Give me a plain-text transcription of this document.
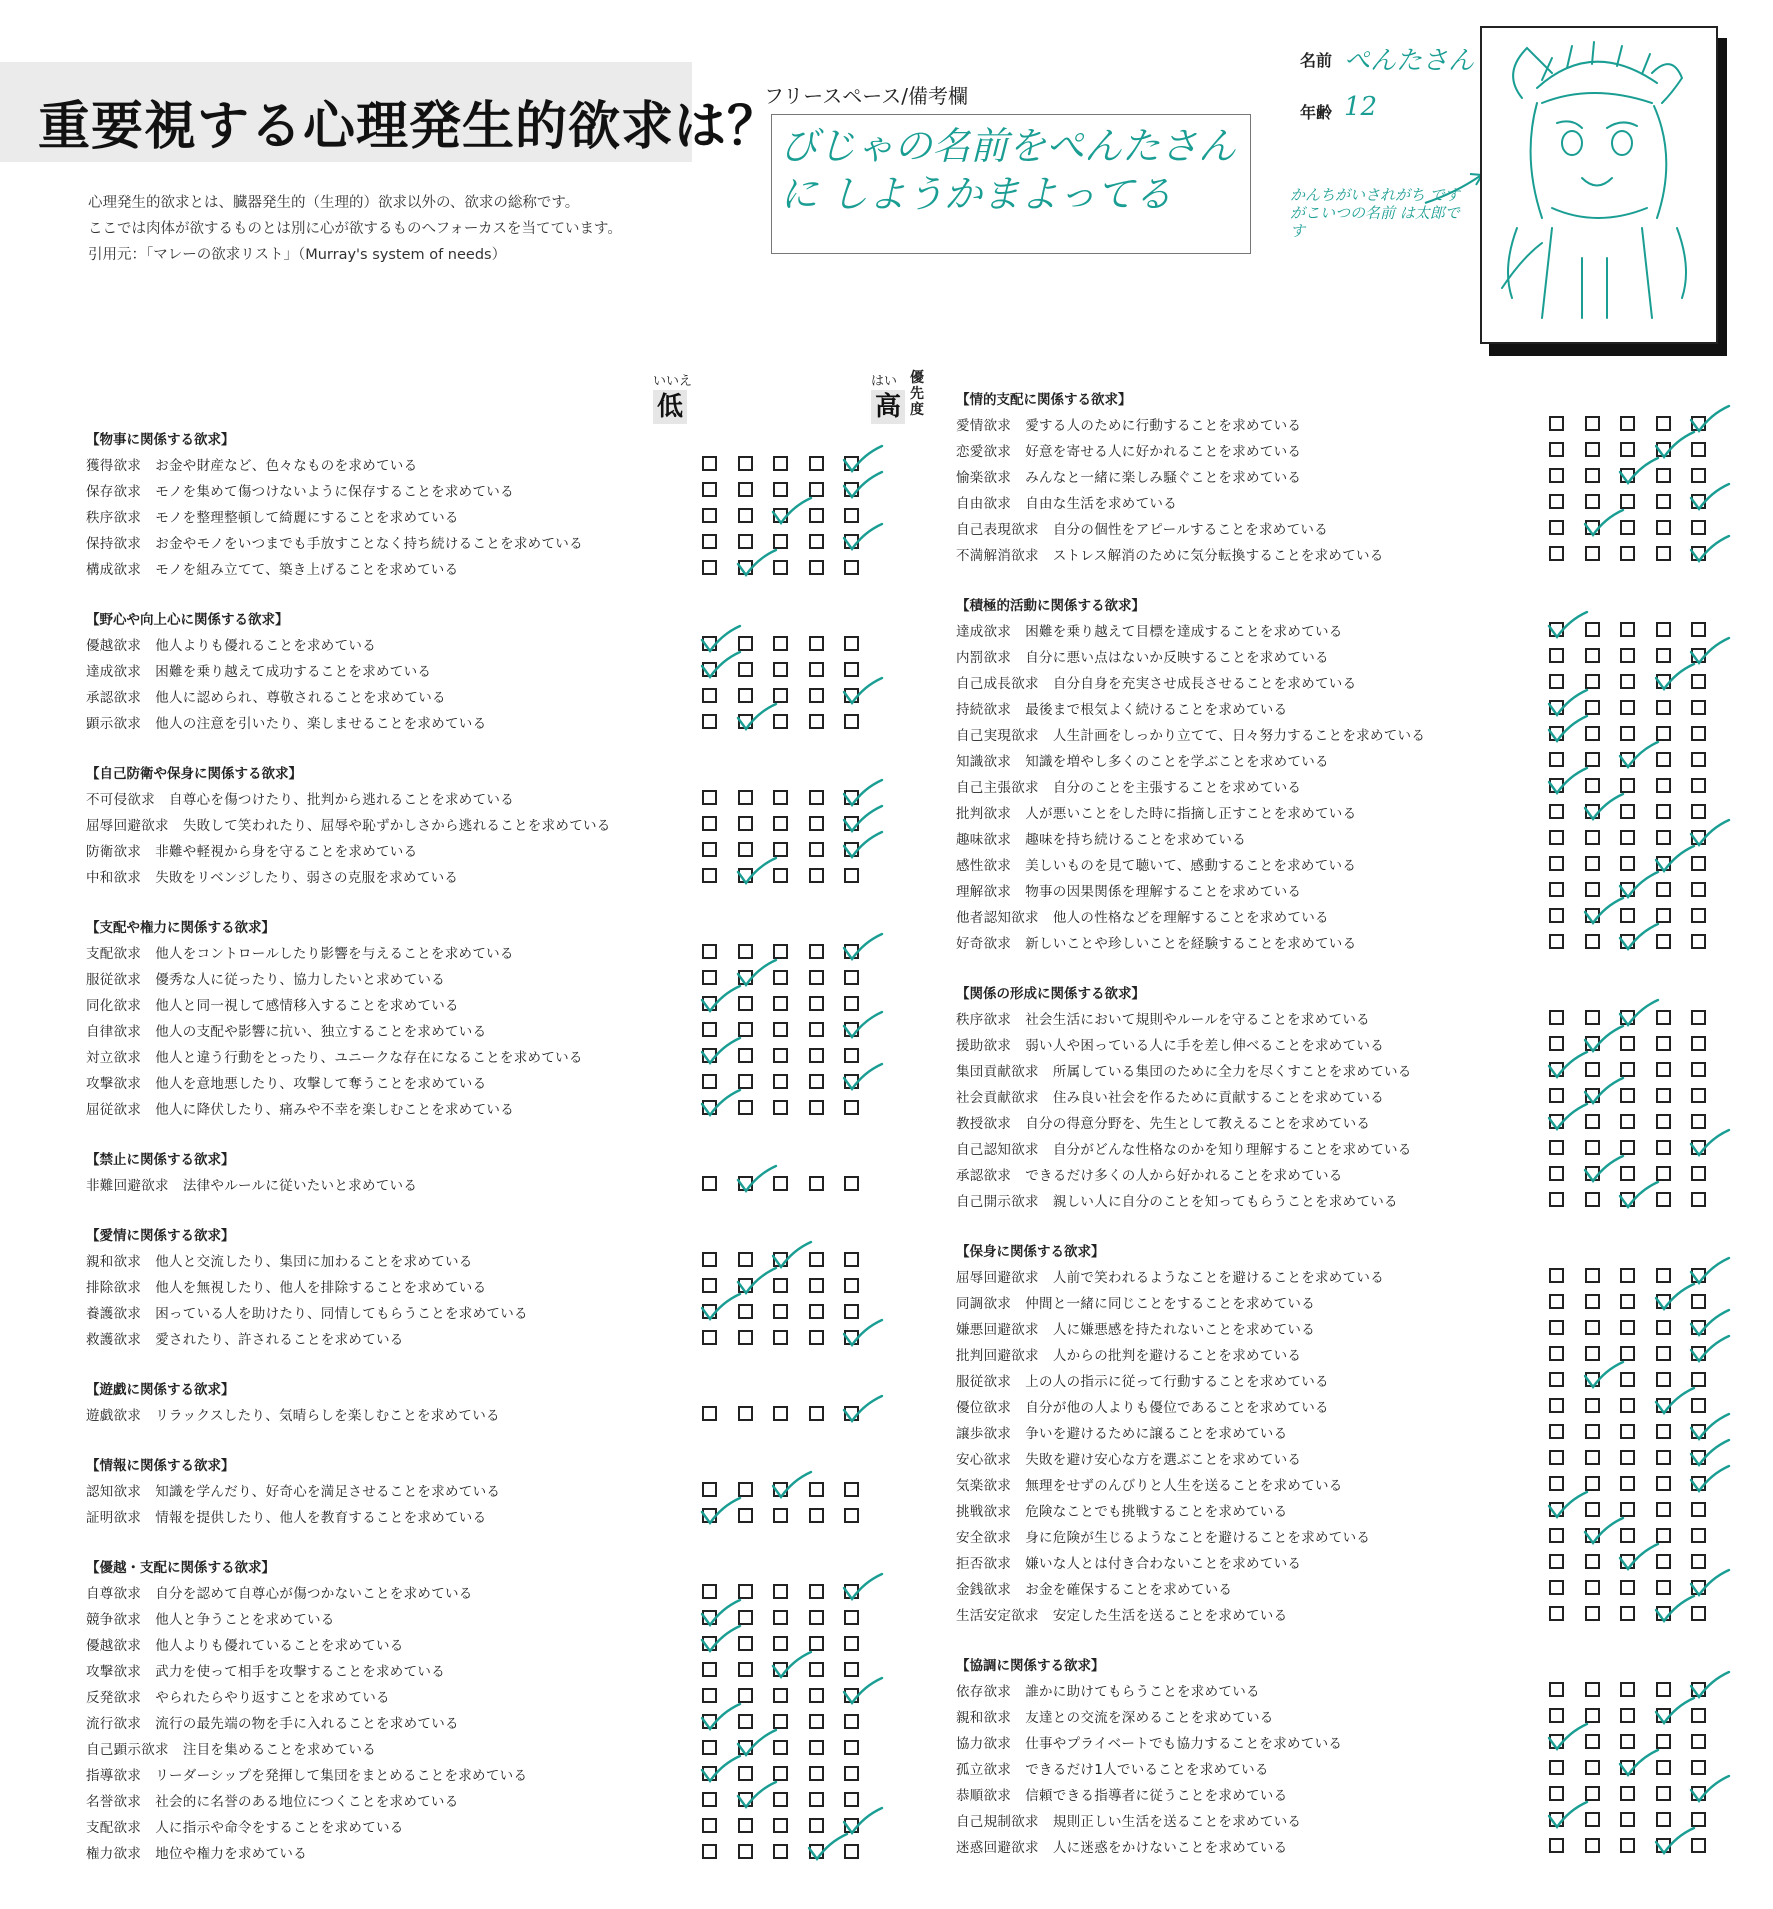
重要視する心理発生的欲求は？
心理発生的欲求とは、臓器発生的（生理的）欲求以外の、欲求の総称です。
ここでは肉体が欲するものとは別に心が欲するものへフォーカスを当てています。
引用元：「マレーの欲求リスト」（Murray's system of needs）
フリースペース/備考欄
びじゃの名前をぺんたさんに しようかまよってる
名前 ぺんたさん
年齢 12
かんちがいされがち ですがこいつの名前 は太郎です
いいえ
低
はい
高
優先度
【物事に関係する欲求】
獲得欲求 お金や財産など、色々なものを求めている
保存欲求 モノを集めて傷つけないように保存することを求めている
秩序欲求 モノを整理整頓して綺麗にすることを求めている
保持欲求 お金やモノをいつまでも手放すことなく持ち続けることを求めている
構成欲求 モノを組み立てて、築き上げることを求めている
【野心や向上心に関係する欲求】
優越欲求 他人よりも優れることを求めている
達成欲求 困難を乗り越えて成功することを求めている
承認欲求 他人に認められ、尊敬されることを求めている
顕示欲求 他人の注意を引いたり、楽しませることを求めている
【自己防衛や保身に関係する欲求】
不可侵欲求 自尊心を傷つけたり、批判から逃れることを求めている
屈辱回避欲求 失敗して笑われたり、屈辱や恥ずかしさから逃れることを求めている
防衛欲求 非難や軽視から身を守ることを求めている
中和欲求 失敗をリベンジしたり、弱さの克服を求めている
【支配や権力に関係する欲求】
支配欲求 他人をコントロールしたり影響を与えることを求めている
服従欲求 優秀な人に従ったり、協力したいと求めている
同化欲求 他人と同一視して感情移入することを求めている
自律欲求 他人の支配や影響に抗い、独立することを求めている
対立欲求 他人と違う行動をとったり、ユニークな存在になることを求めている
攻撃欲求 他人を意地悪したり、攻撃して奪うことを求めている
屈従欲求 他人に降伏したり、痛みや不幸を楽しむことを求めている
【禁止に関係する欲求】
非難回避欲求 法律やルールに従いたいと求めている
【愛情に関係する欲求】
親和欲求 他人と交流したり、集団に加わることを求めている
排除欲求 他人を無視したり、他人を排除することを求めている
養護欲求 困っている人を助けたり、同情してもらうことを求めている
救護欲求 愛されたり、許されることを求めている
【遊戯に関係する欲求】
遊戯欲求 リラックスしたり、気晴らしを楽しむことを求めている
【情報に関係する欲求】
認知欲求 知識を学んだり、好奇心を満足させることを求めている
証明欲求 情報を提供したり、他人を教育することを求めている
【優越・支配に関係する欲求】
自尊欲求 自分を認めて自尊心が傷つかないことを求めている
競争欲求 他人と争うことを求めている
優越欲求 他人よりも優れていることを求めている
攻撃欲求 武力を使って相手を攻撃することを求めている
反発欲求 やられたらやり返すことを求めている
流行欲求 流行の最先端の物を手に入れることを求めている
自己顕示欲求 注目を集めることを求めている
指導欲求 リーダーシップを発揮して集団をまとめることを求めている
名誉欲求 社会的に名誉のある地位につくことを求めている
支配欲求 人に指示や命令をすることを求めている
権力欲求 地位や権力を求めている
【情的支配に関係する欲求】
愛情欲求 愛する人のために行動することを求めている
恋愛欲求 好意を寄せる人に好かれることを求めている
愉楽欲求 みんなと一緒に楽しみ騒ぐことを求めている
自由欲求 自由な生活を求めている
自己表現欲求 自分の個性をアピールすることを求めている
不満解消欲求 ストレス解消のために気分転換することを求めている
【積極的活動に関係する欲求】
達成欲求 困難を乗り越えて目標を達成することを求めている
内罰欲求 自分に悪い点はないか反映することを求めている
自己成長欲求 自分自身を充実させ成長させることを求めている
持続欲求 最後まで根気よく続けることを求めている
自己実現欲求 人生計画をしっかり立てて、日々努力することを求めている
知識欲求 知識を増やし多くのことを学ぶことを求めている
自己主張欲求 自分のことを主張することを求めている
批判欲求 人が悪いことをした時に指摘し正すことを求めている
趣味欲求 趣味を持ち続けることを求めている
感性欲求 美しいものを見て聴いて、感動することを求めている
理解欲求 物事の因果関係を理解することを求めている
他者認知欲求 他人の性格などを理解することを求めている
好奇欲求 新しいことや珍しいことを経験することを求めている
【関係の形成に関係する欲求】
秩序欲求 社会生活において規則やルールを守ることを求めている
援助欲求 弱い人や困っている人に手を差し伸べることを求めている
集団貢献欲求 所属している集団のために全力を尽くすことを求めている
社会貢献欲求 住み良い社会を作るために貢献することを求めている
教授欲求 自分の得意分野を、先生として教えることを求めている
自己認知欲求 自分がどんな性格なのかを知り理解することを求めている
承認欲求 できるだけ多くの人から好かれることを求めている
自己開示欲求 親しい人に自分のことを知ってもらうことを求めている
【保身に関係する欲求】
屈辱回避欲求 人前で笑われるようなことを避けることを求めている
同調欲求 仲間と一緒に同じことをすることを求めている
嫌悪回避欲求 人に嫌悪感を持たれないことを求めている
批判回避欲求 人からの批判を避けることを求めている
服従欲求 上の人の指示に従って行動することを求めている
優位欲求 自分が他の人よりも優位であることを求めている
譲歩欲求 争いを避けるために譲ることを求めている
安心欲求 失敗を避け安心な方を選ぶことを求めている
気楽欲求 無理をせずのんびりと人生を送ることを求めている
挑戦欲求 危険なことでも挑戦することを求めている
安全欲求 身に危険が生じるようなことを避けることを求めている
拒否欲求 嫌いな人とは付き合わないことを求めている
金銭欲求 お金を確保することを求めている
生活安定欲求 安定した生活を送ることを求めている
【協調に関係する欲求】
依存欲求 誰かに助けてもらうことを求めている
親和欲求 友達との交流を深めることを求めている
協力欲求 仕事やプライベートでも協力することを求めている
孤立欲求 できるだけ1人でいることを求めている
恭順欲求 信頼できる指導者に従うことを求めている
自己規制欲求 規則正しい生活を送ることを求めている
迷惑回避欲求 人に迷惑をかけないことを求めている
